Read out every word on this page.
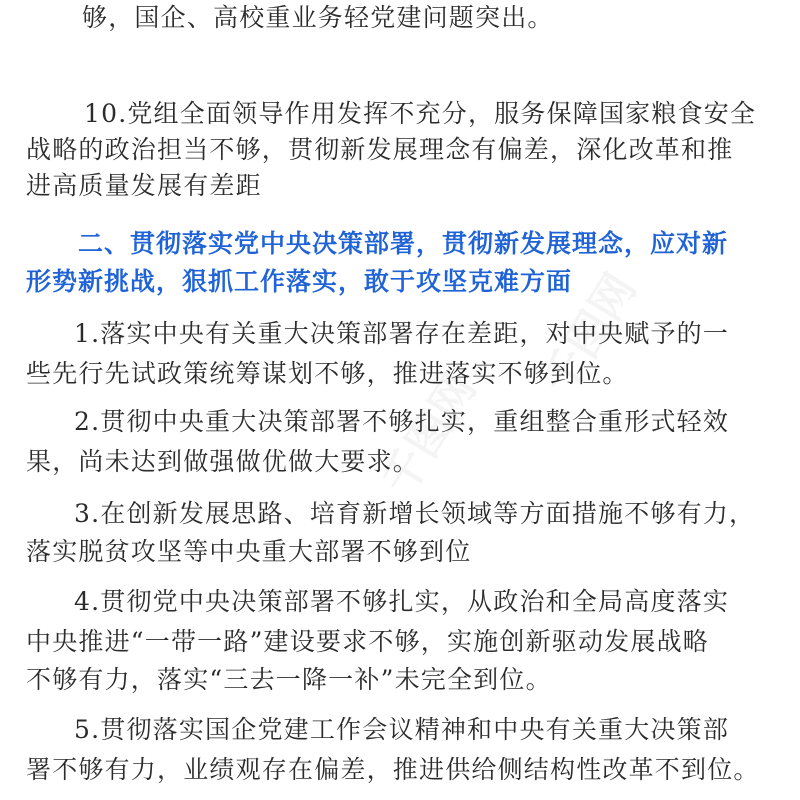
千图网
千图网
够，国企、高校重业务轻党建问题突出。
10.党组全面领导作用发挥不充分，服务保障国家粮食安全
战略的政治担当不够，贯彻新发展理念有偏差，深化改革和推
进高质量发展有差距
二、贯彻落实党中央决策部署，贯彻新发展理念，应对新
形势新挑战，狠抓工作落实，敢于攻坚克难方面
1.落实中央有关重大决策部署存在差距，对中央赋予的一
些先行先试政策统筹谋划不够，推进落实不够到位。
2.贯彻中央重大决策部署不够扎实，重组整合重形式轻效
果，尚未达到做强做优做大要求。
3.在创新发展思路、培育新增长领域等方面措施不够有力，
落实脱贫攻坚等中央重大部署不够到位
4.贯彻党中央决策部署不够扎实，从政治和全局高度落实
中央推进“一带一路”建设要求不够，实施创新驱动发展战略
不够有力，落实“三去一降一补”未完全到位。
5.贯彻落实国企党建工作会议精神和中央有关重大决策部
署不够有力，业绩观存在偏差，推进供给侧结构性改革不到位。
